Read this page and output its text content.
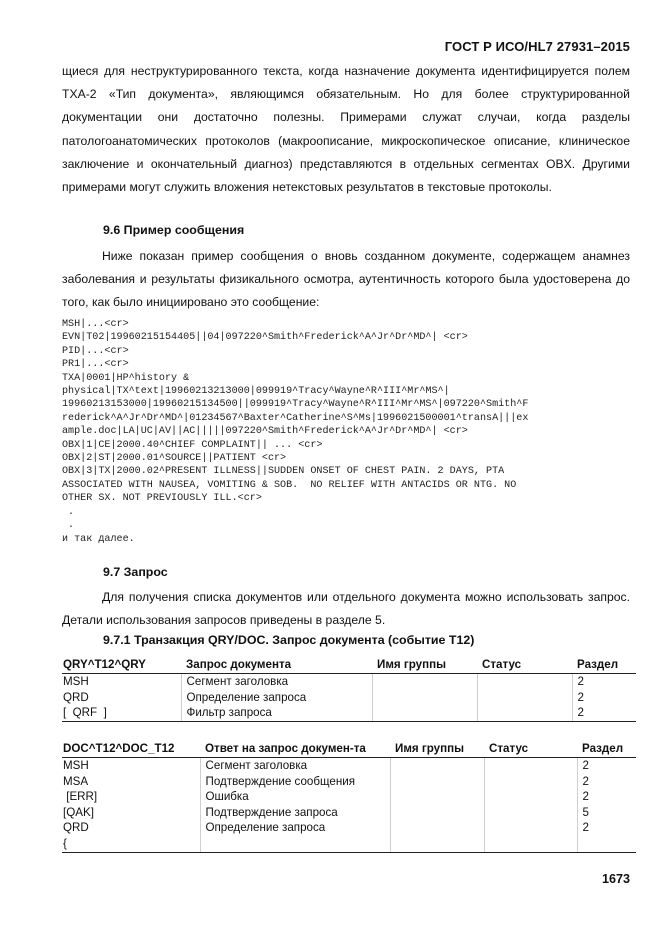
ГОСТ Р ИСО/HL7 27931–2015
щиеся для неструктурированного текста, когда назначение документа идентифицируется полем TXA-2 «Тип документа», являющимся обязательным. Но для более структурированной документации они достаточно полезны. Примерами служат случаи, когда разделы патологоанатомических протоколов (макроописание, микроскопическое описание, клиническое заключение и окончательный диагноз) представляются в отдельных сегментах OBX. Другими примерами могут служить вложения нетекстовых результатов в текстовые протоколы.
9.6 Пример сообщения
Ниже показан пример сообщения о вновь созданном документе, содержащем анамнез заболевания и результаты физикального осмотра, аутентичность которого была удостоверена до того, как было инициировано это сообщение:
MSH|...<cr>
EVN|T02|19960215154405||04|097220^Smith^Frederick^A^Jr^Dr^MD^| <cr>
PID|...<cr>
PR1|...<cr>
TXA|0001|HP^history &
physical|TX^text|19960213213000|099919^Tracy^Wayne^R^III^Mr^MS^|
19960213153000|19960215134500||099919^Tracy^Wayne^R^III^Mr^MS^|097220^Smith^F
rederick^A^Jr^Dr^MD^|01234567^Baxter^Catherine^S^Ms|1996021500001^transA|||ex
ample.doc|LA|UC|AV||AC|||||097220^Smith^Frederick^A^Jr^Dr^MD^| <cr>
OBX|1|CE|2000.40^CHIEF COMPLAINT|| ... <cr>
OBX|2|ST|2000.01^SOURCE||PATIENT <cr>
OBX|3|TX|2000.02^PRESENT ILLNESS||SUDDEN ONSET OF CHEST PAIN. 2 DAYS, PTA
ASSOCIATED WITH NAUSEA, VOMITING & SOB.  NO RELIEF WITH ANTACIDS OR NTG. NO
OTHER SX. NOT PREVIOUSLY ILL.<cr>
.
.
и так далее.
9.7 Запрос
Для получения списка документов или отдельного документа можно использовать запрос. Детали использования запросов приведены в разделе 5.
9.7.1 Транзакция QRY/DOC. Запрос документа (событие T12)
QRY^T12^QRY	Запрос документа	Имя группы	Статус	Раздел
MSH	Сегмент заголовка			2
QRD	Определение запроса			2
[  QRF  ]	Фильтр запроса			2
DOC^T12^DOC_T12	Ответ на запрос докумен-та	Имя группы	Статус	Раздел
MSH	Сегмент заголовка			2
MSA	Подтверждение сообщения			2
[ERR]	Ошибка			2
[QAK]	Подтверждение запроса			5
QRD	Определение запроса			2
{				
1673
